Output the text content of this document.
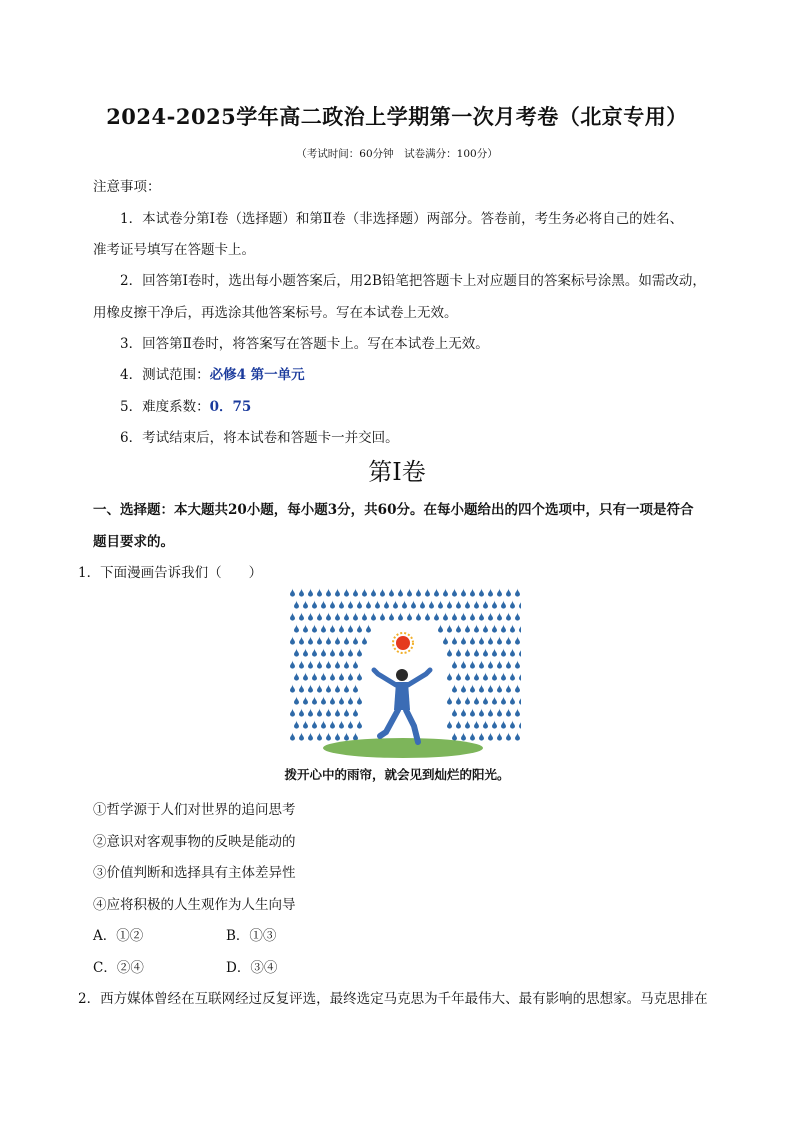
2024-2025学年高二政治上学期第一次月考卷（北京专用）
（考试时间：60分钟　试卷满分：100分）
注意事项：
1．本试卷分第Ⅰ卷（选择题）和第Ⅱ卷（非选择题）两部分。答卷前，考生务必将自己的姓名、
准考证号填写在答题卡上。
2．回答第Ⅰ卷时，选出每小题答案后，用2B铅笔把答题卡上对应题目的答案标号涂黑。如需改动，
用橡皮擦干净后，再选涂其他答案标号。写在本试卷上无效。
3．回答第Ⅱ卷时，将答案写在答题卡上。写在本试卷上无效。
4．测试范围：必修4 第一单元
5．难度系数：0．75
6．考试结束后，将本试卷和答题卡一并交回。
第Ⅰ卷
一、选择题：本大题共20小题，每小题3分，共60分。在每小题给出的四个选项中，只有一项是符合
题目要求的。
1．下面漫画告诉我们（　　）
拨开心中的雨帘，就会见到灿烂的阳光。
①哲学源于人们对世界的追问思考
②意识对客观事物的反映是能动的
③价值判断和选择具有主体差异性
④应将积极的人生观作为人生向导
A．①②	B．①③
C．②④	D．③④
2．西方媒体曾经在互联网经过反复评选，最终选定马克思为千年最伟大、最有影响的思想家。马克思排在
